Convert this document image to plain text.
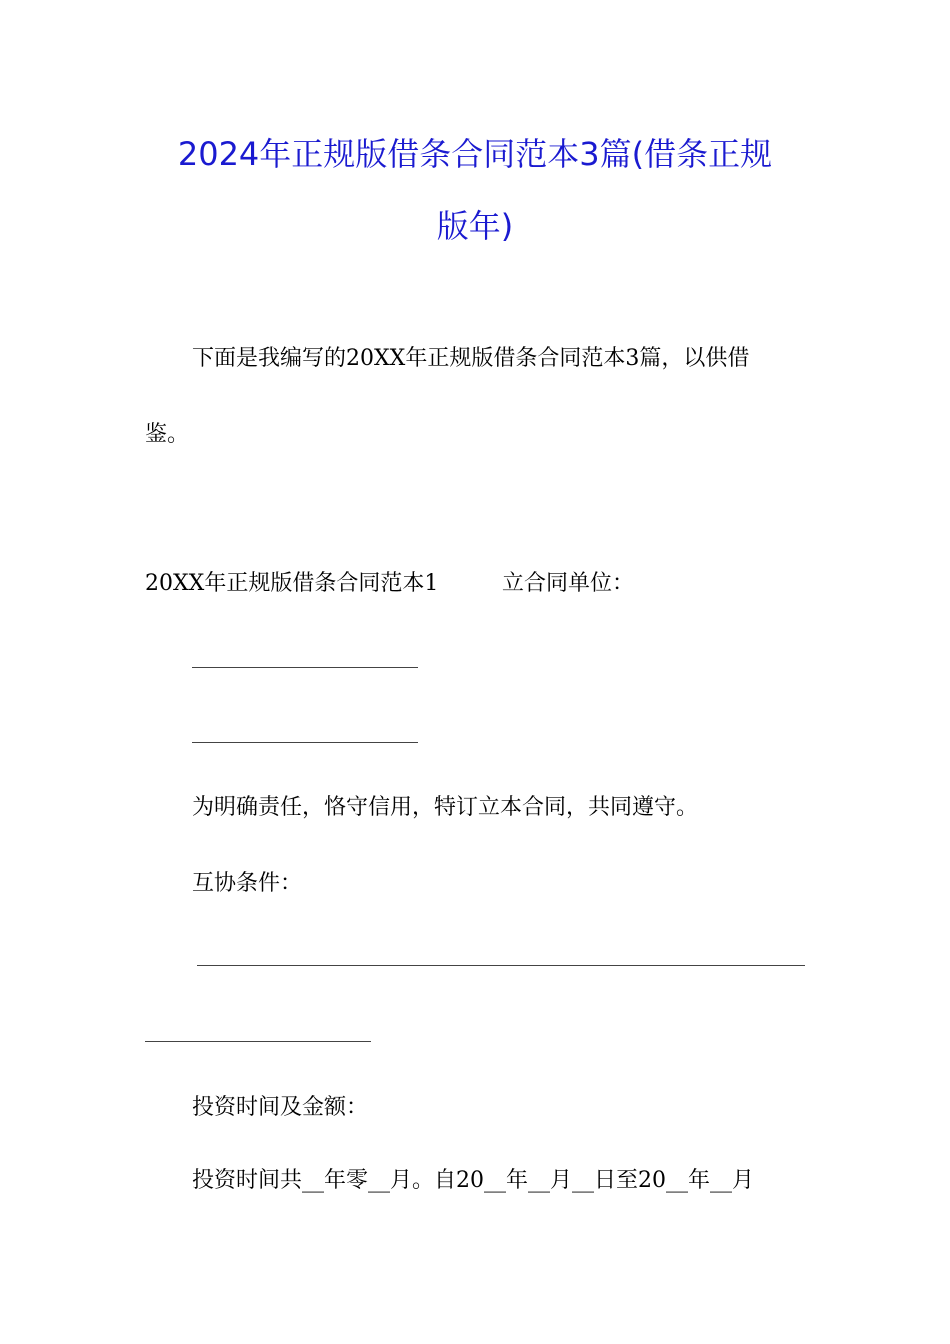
2024年正规版借条合同范本3篇(借条正规
版年)
下面是我编写的20XX年正规版借条合同范本3篇，以供借
鉴。
20XX年正规版借条合同范本1	立合同单位：
为明确责任，恪守信用，特订立本合同，共同遵守。
互协条件：
投资时间及金额：
投资时间共__年零__月。自20__年__月__日至20__年__月
